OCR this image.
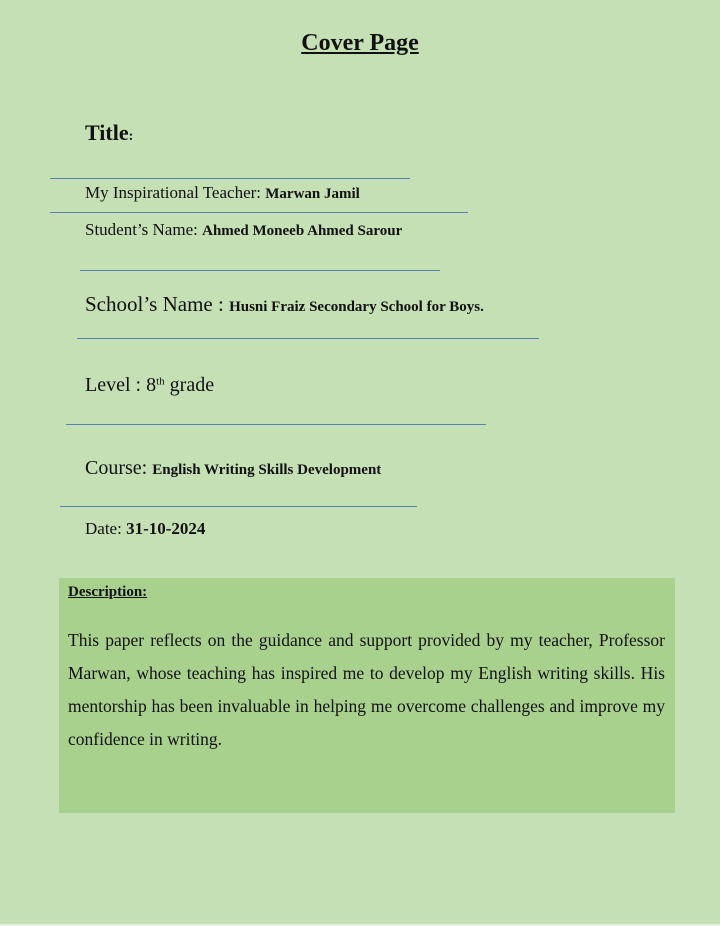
Cover Page
Title:
My Inspirational Teacher: Marwan Jamil
Student’s Name: Ahmed Moneeb Ahmed Sarour
School’s Name : Husni Fraiz Secondary School for Boys.
Level : 8th grade
Course: English Writing Skills Development
Date: 31-10-2024
Description:
This paper reflects on the guidance and support provided by my teacher, Professor Marwan, whose teaching has inspired me to develop my English writing skills. His mentorship has been invaluable in helping me overcome challenges and improve my confidence in writing.
